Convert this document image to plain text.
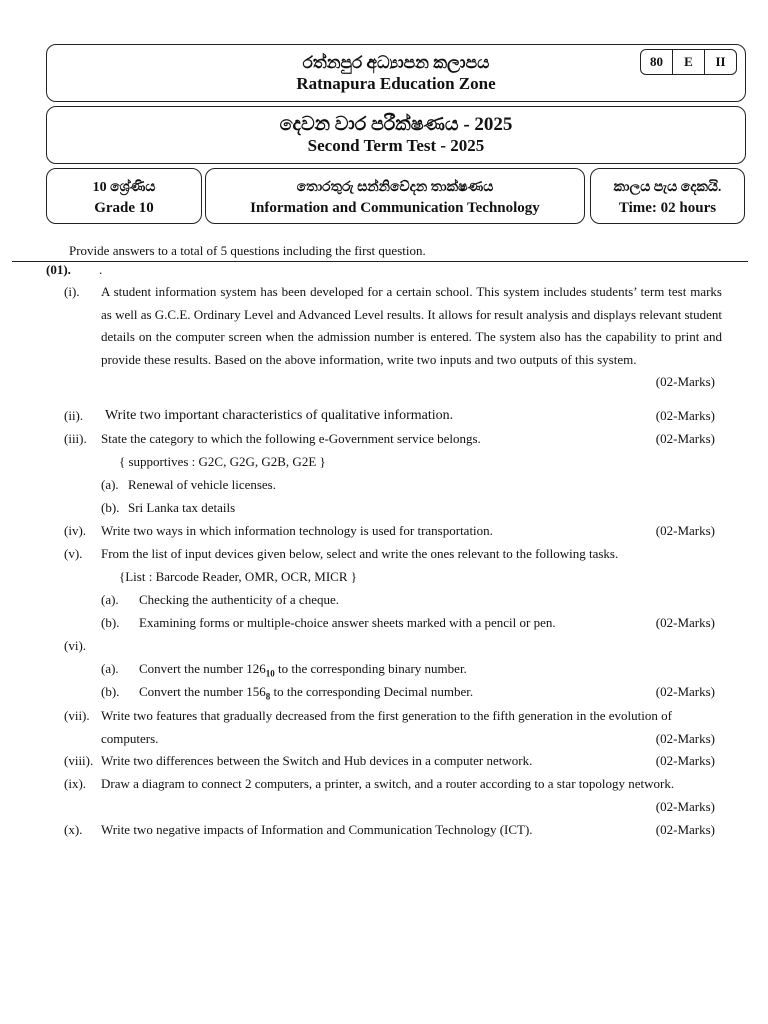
රත්නපුර අධ්‍යාපන කලාපය
Ratnapura Education Zone
80	E	II
දෙවන වාර පරීක්ෂණය - 2025
Second Term Test - 2025
10 ශ්‍රේණිය
Grade 10
තොරතුරු සන්නිවේදන තාක්ෂණය
Information and Communication Technology
කාලය පැය දෙකයි.
Time: 02 hours
Provide answers to a total of 5 questions including the first question.
(01). .
(i). A student information system has been developed for a certain school. This system includes students’ term test marks as well as G.C.E. Ordinary Level and Advanced Level results. It allows for result analysis and displays relevant student details on the computer screen when the admission number is entered. The system also has the capability to print and provide these results. Based on the above information, write two inputs and two outputs of this system.
(02-Marks)
(ii). Write two important characteristics of qualitative information.	(02-Marks)
(iii). State the category to which the following e-Government service belongs.	(02-Marks)
{ supportives : G2C, G2G, G2B, G2E }
(a). Renewal of vehicle licenses.
(b). Sri Lanka tax details
(iv). Write two ways in which information technology is used for transportation.	(02-Marks)
(v). From the list of input devices given below, select and write the ones relevant to the following tasks.
{List : Barcode Reader, OMR, OCR, MICR }
(a). Checking the authenticity of a cheque.
(b). Examining forms or multiple-choice answer sheets marked with a pencil or pen.	(02-Marks)
(vi).
(a). Convert the number $126_{10}$ to the corresponding binary number.
(b). Convert the number $156_8$ to the corresponding Decimal number.	(02-Marks)
(vii). Write two features that gradually decreased from the first generation to the fifth generation in the evolution of computers.	(02-Marks)
(viii). Write two differences between the Switch and Hub devices in a computer network.	(02-Marks)
(ix). Draw a diagram to connect 2 computers, a printer, a switch, and a router according to a star topology network.
(02-Marks)
(x). Write two negative impacts of Information and Communication Technology (ICT).	(02-Marks)
